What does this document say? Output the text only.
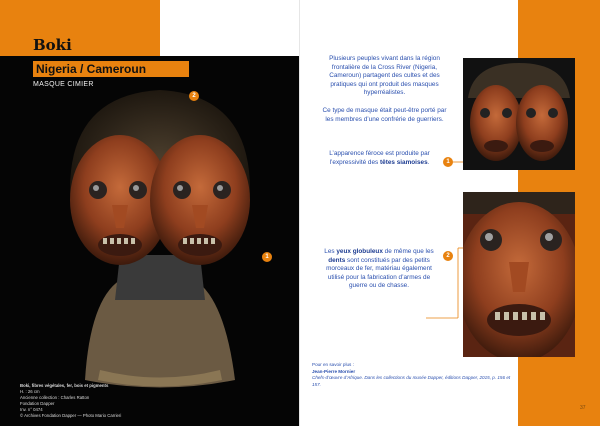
Boki
Nigeria / Cameroun
MASQUE CIMIER
2
1
Boki, fibres végétales, fer, bois et pigments
H. : 26 cm
Ancienne collection : Charles Ratton
Fondation Dapper
Inv. n° 0474
© Archives Fondation Dapper — Photo Mario Carrieri
Plusieurs peuples vivant dans la région frontalière de la Cross River (Nigeria, Cameroun) partagent des cultes et des pratiques qui ont produit des masques hyperréalistes.
Ce type de masque était peut-être porté par les membres d’une confrérie de guerriers.
L’apparence féroce est produite par l’expressivité des têtes siamoises.	1
Les yeux globuleux de même que les dents sont constitués par des petits morceaux de fer, matériau également utilisé pour la fabrication d’armes de guerre ou de chasse.
2
Pour en savoir plus :
Jean-Pierre Mornier
Chefs-d’œuvre d’Afrique. Dans les collections du musée Dapper, éditions Dapper, 2015, p. 156 et 157.
37
